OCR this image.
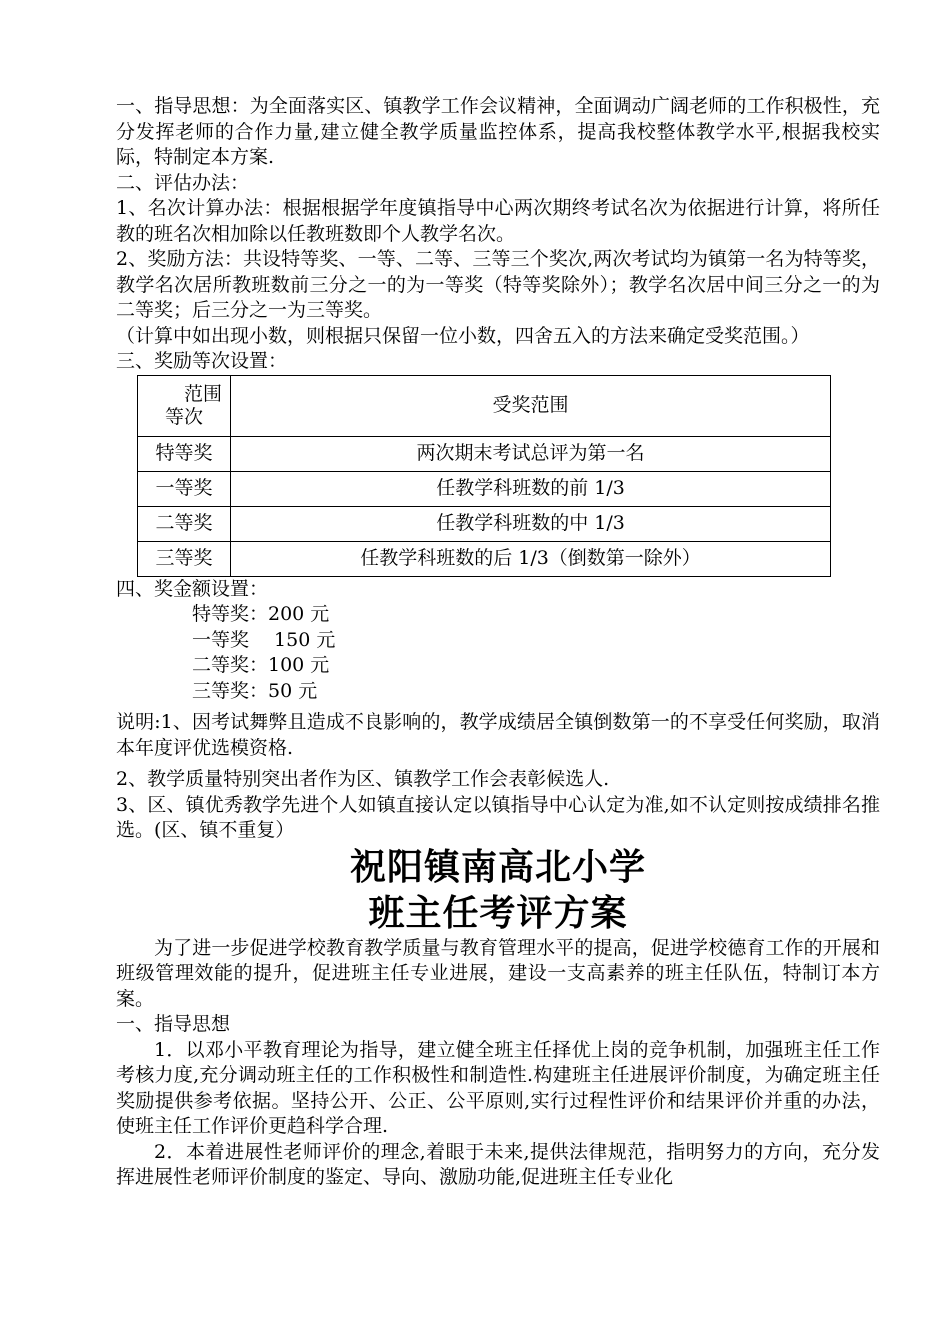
一、指导思想：为全面落实区、镇教学工作会议精神，全面调动广阔老师的工作积极性，充分发挥老师的合作力量,建立健全教学质量监控体系，提高我校整体教学水平,根据我校实际，特制定本方案.

二、评估办法：

1、名次计算办法：根据根据学年度镇指导中心两次期终考试名次为依据进行计算，将所任教的班名次相加除以任教班数即个人教学名次。

2、奖励方法：共设特等奖、一等、二等、三等三个奖次,两次考试均为镇第一名为特等奖，教学名次居所教班数前三分之一的为一等奖（特等奖除外）；教学名次居中间三分之一的为二等奖；后三分之一为三等奖。

（计算中如出现小数，则根据只保留一位小数，四舍五入的方法来确定受奖范围。）

三、奖励等次设置：

范围
等次	受奖范围
特等奖	两次期末考试总评为第一名
一等奖	任教学科班数的前 1/3
二等奖	任教学科班数的中 1/3
三等奖	任教学科班数的后 1/3（倒数第一除外）

四、奖金额设置：

特等奖：200 元
一等奖　 150 元
二等奖：100 元
三等奖：50 元

说明:1、因考试舞弊且造成不良影响的，教学成绩居全镇倒数第一的不享受任何奖励，取消本年度评优选模资格.

2、教学质量特别突出者作为区、镇教学工作会表彰候选人.

3、区、镇优秀教学先进个人如镇直接认定以镇指导中心认定为准,如不认定则按成绩排名推选。(区、镇不重复）

祝阳镇南高北小学

班主任考评方案

为了进一步促进学校教育教学质量与教育管理水平的提高，促进学校德育工作的开展和班级管理效能的提升，促进班主任专业进展，建设一支高素养的班主任队伍，特制订本方案。

一、指导思想

1．以邓小平教育理论为指导，建立健全班主任择优上岗的竞争机制，加强班主任工作考核力度,充分调动班主任的工作积极性和制造性.构建班主任进展评价制度，为确定班主任奖励提供参考依据。坚持公开、公正、公平原则,实行过程性评价和结果评价并重的办法，使班主任工作评价更趋科学合理.

2．本着进展性老师评价的理念,着眼于未来,提供法律规范，指明努力的方向，充分发挥进展性老师评价制度的鉴定、导向、激励功能,促进班主任专业化
